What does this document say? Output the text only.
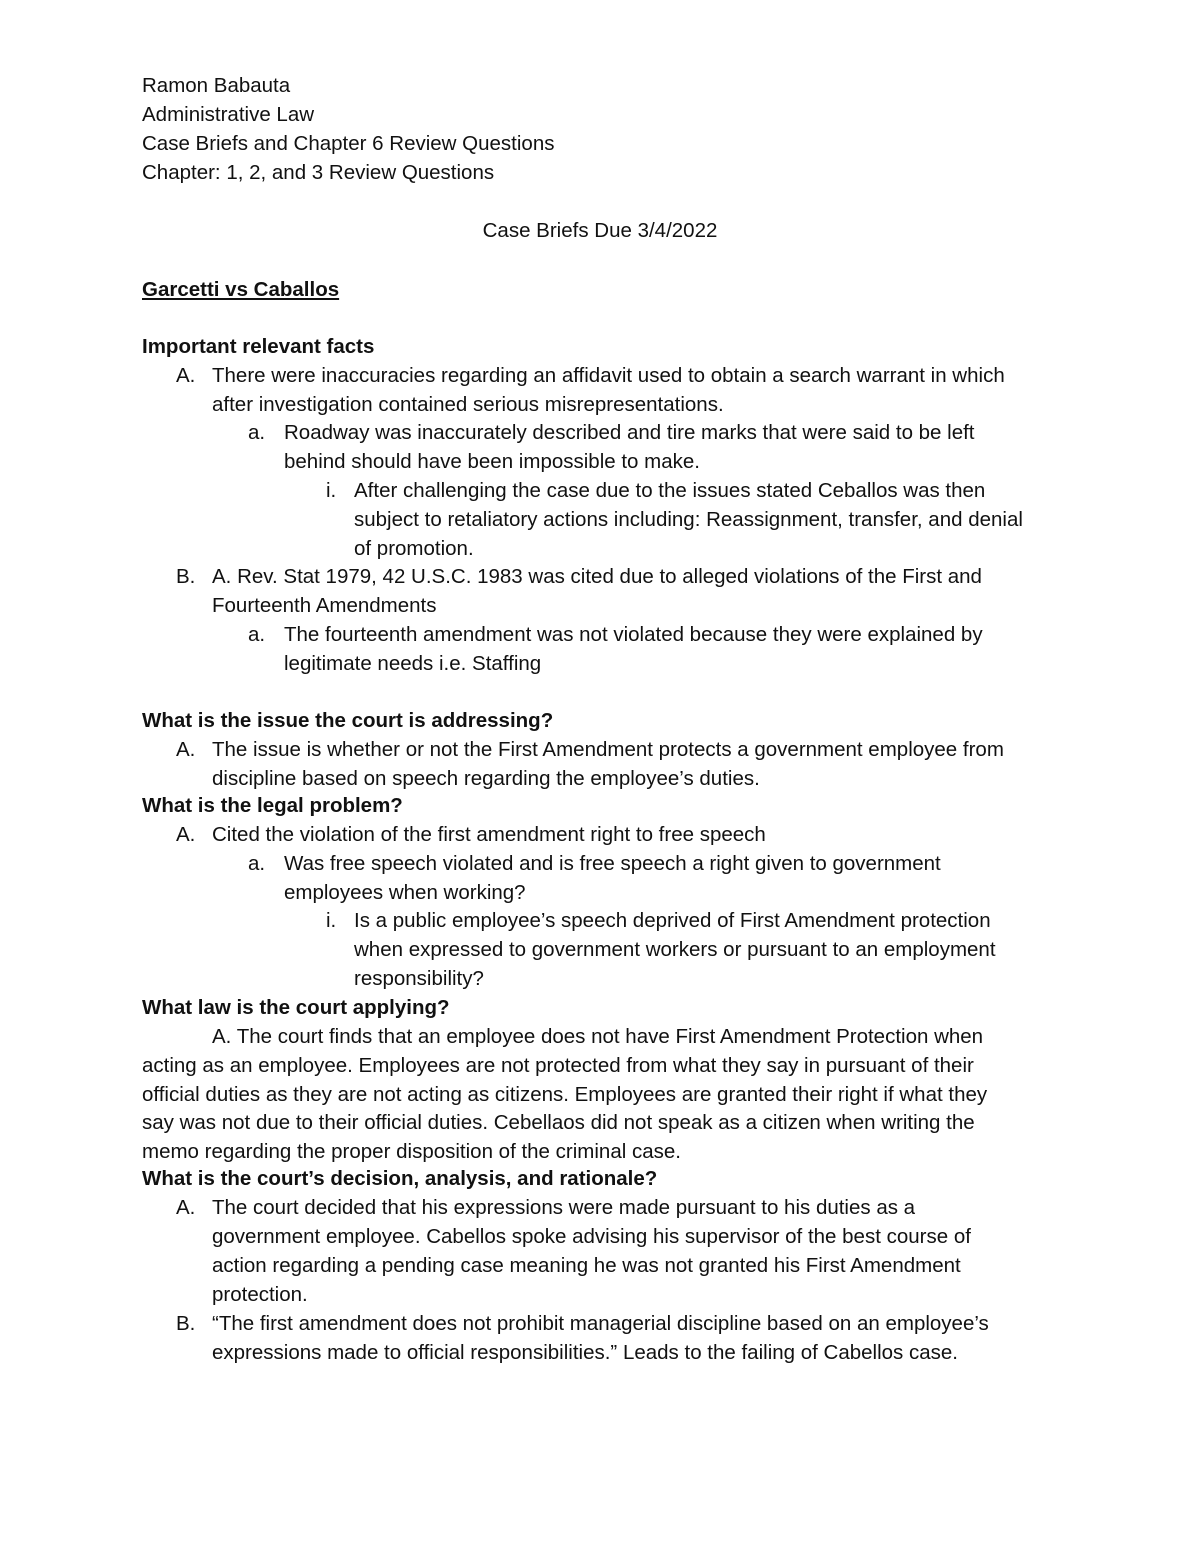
Ramon Babauta
Administrative Law
Case Briefs and Chapter 6 Review Questions
Chapter: 1, 2, and 3 Review Questions
Case Briefs Due 3/4/2022
Garcetti vs Caballos
Important relevant facts
A. There were inaccuracies regarding an affidavit used to obtain a search warrant in which
after investigation contained serious misrepresentations.
a. Roadway was inaccurately described and tire marks that were said to be left
behind should have been impossible to make.
i. After challenging the case due to the issues stated Ceballos was then
subject to retaliatory actions including: Reassignment, transfer, and denial
of promotion.
B. A. Rev. Stat 1979, 42 U.S.C. 1983 was cited due to alleged violations of the First and
Fourteenth Amendments
a. The fourteenth amendment was not violated because they were explained by
legitimate needs i.e. Staffing
What is the issue the court is addressing?
A. The issue is whether or not the First Amendment protects a government employee from
discipline based on speech regarding the employee’s duties.
What is the legal problem?
A. Cited the violation of the first amendment right to free speech
a. Was free speech violated and is free speech a right given to government
employees when working?
i. Is a public employee’s speech deprived of First Amendment protection
when expressed to government workers or pursuant to an employment
responsibility?
What law is the court applying?
A. The court finds that an employee does not have First Amendment Protection when
acting as an employee. Employees are not protected from what they say in pursuant of their
official duties as they are not acting as citizens. Employees are granted their right if what they
say was not due to their official duties. Cebellaos did not speak as a citizen when writing the
memo regarding the proper disposition of the criminal case.
What is the court’s decision, analysis, and rationale?
A. The court decided that his expressions were made pursuant to his duties as a
government employee. Cabellos spoke advising his supervisor of the best course of
action regarding a pending case meaning he was not granted his First Amendment
protection.
B. “The first amendment does not prohibit managerial discipline based on an employee’s
expressions made to official responsibilities.” Leads to the failing of Cabellos case.
